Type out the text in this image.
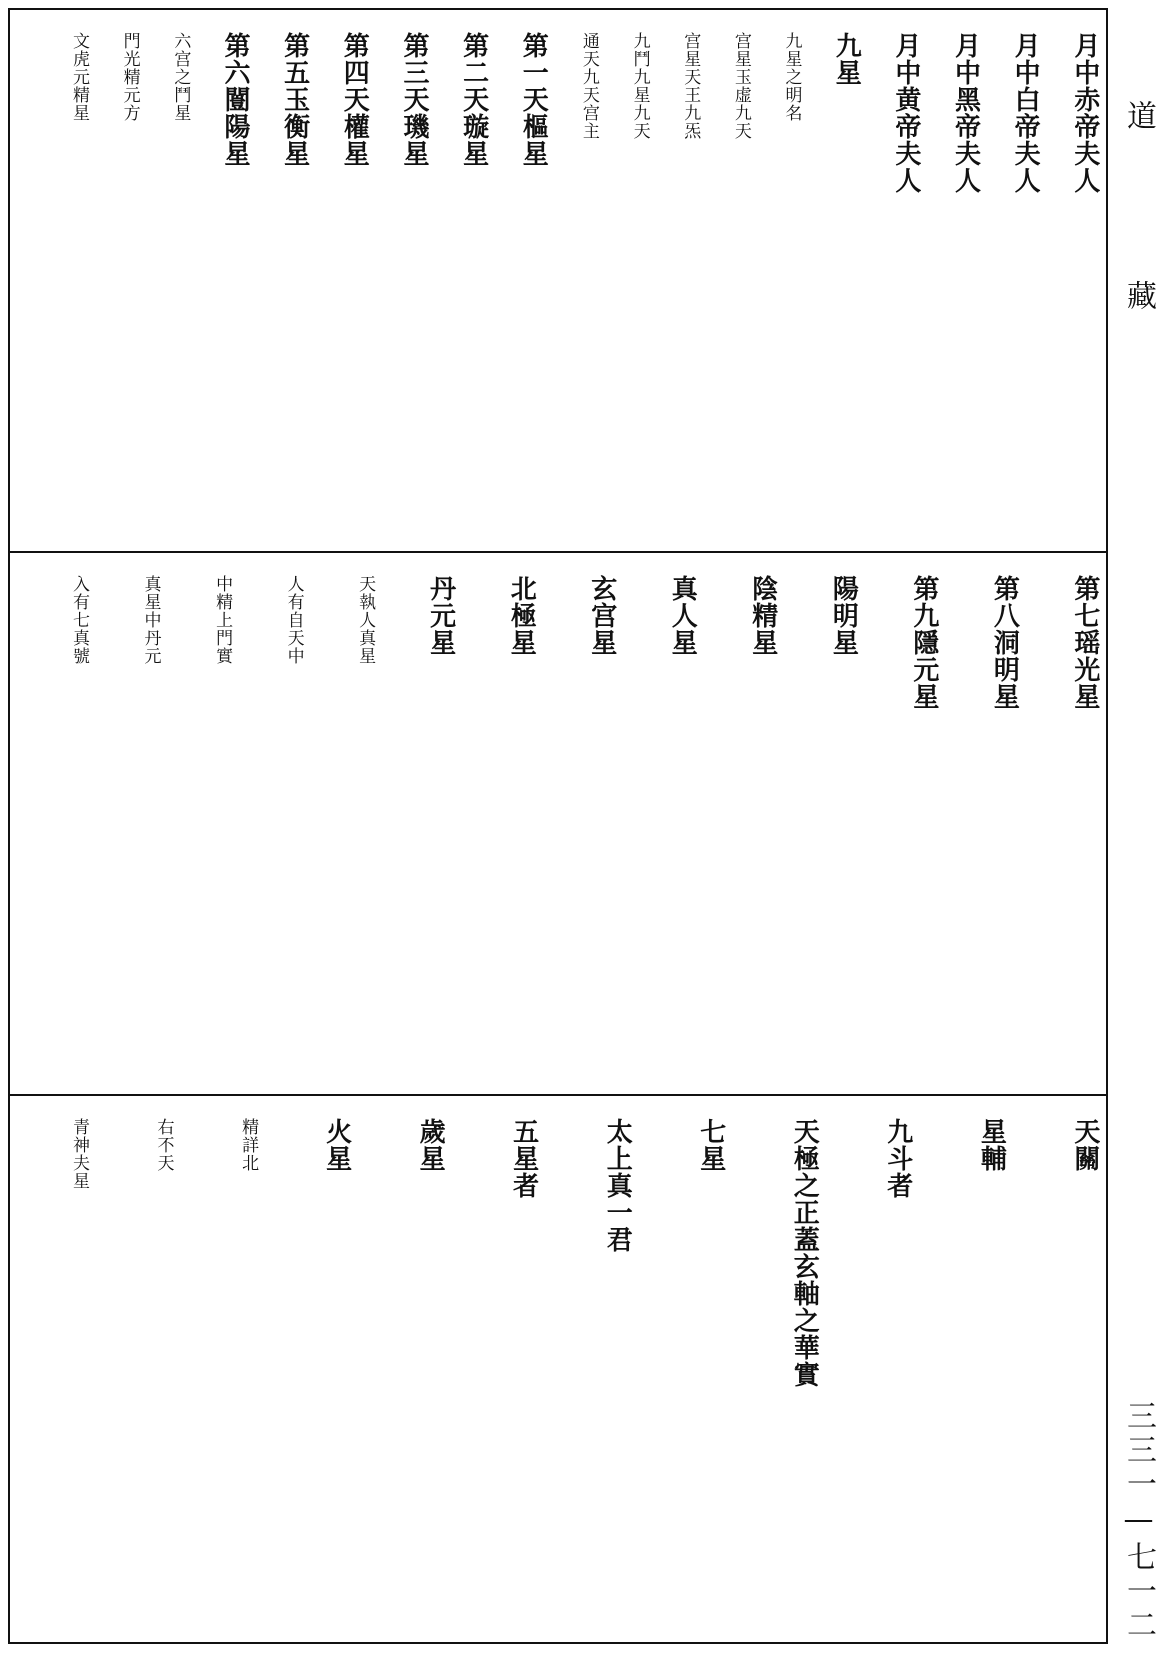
月中赤帝夫人
月中白帝夫人
月中黑帝夫人
月中黄帝夫人
九星
九星之明名
宫星玉虚九天
宫星天王九炁
九鬥九星九天
通天九天宫主
第一天樞星
第二天璇星
第三天璣星
第四天權星
第五玉衡星
第六闓陽星
六宫之鬥星
門光精元方
文虎元精星
第七瑶光星
第八洞明星
第九隱元星
陽明星
陰精星
真人星
玄宫星
北極星
丹元星
天執人真星
人有自天中
中精上門實
真星中丹元
入有七真號
天關
星輔
九斗者
天極之正蓋玄軸之華實
七星
太上真一君
五星者
歲星
火星
精詳北
右不天
青神夫星
道藏
三三一—七一二
